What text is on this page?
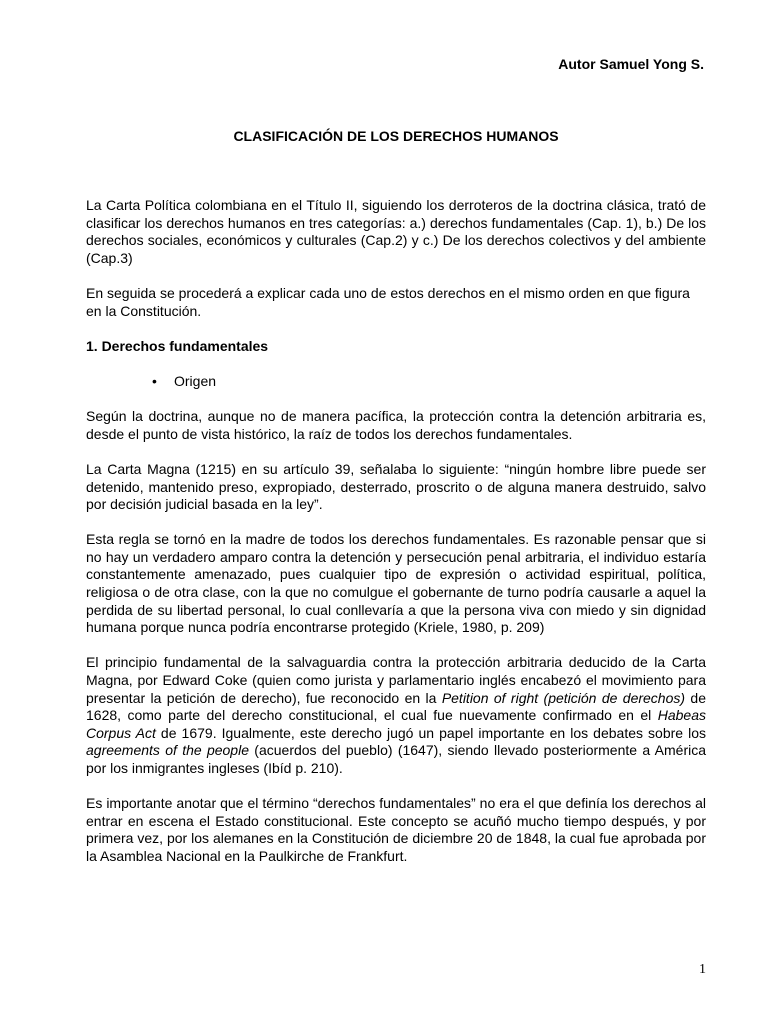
Autor Samuel Yong S.
CLASIFICACIÓN DE LOS DERECHOS HUMANOS

La Carta Política colombiana en el Título II, siguiendo los derroteros de la doctrina clásica, trató de clasificar los derechos humanos en tres categorías: a.) derechos fundamentales (Cap. 1), b.) De los derechos sociales, económicos y culturales (Cap.2) y c.) De los derechos colectivos y del ambiente (Cap.3)

En seguida se procederá a explicar cada uno de estos derechos en el mismo orden en que figura en la Constitución.

1. Derechos fundamentales
• Origen

Según la doctrina, aunque no de manera pacífica, la protección contra la detención arbitraria es, desde el punto de vista histórico, la raíz de todos los derechos fundamentales.

La Carta Magna (1215) en su artículo 39, señalaba lo siguiente: “ningún hombre libre puede ser detenido, mantenido preso, expropiado, desterrado, proscrito o de alguna manera destruido, salvo por decisión judicial basada en la ley”.

Esta regla se tornó en la madre de todos los derechos fundamentales. Es razonable pensar que si no hay un verdadero amparo contra la detención y persecución penal arbitraria, el individuo estaría constantemente amenazado, pues cualquier tipo de expresión o actividad espiritual, política, religiosa o de otra clase, con la que no comulgue el gobernante de turno podría causarle a aquel la perdida de su libertad personal, lo cual conllevaría a que la persona viva con miedo y sin dignidad humana porque nunca podría encontrarse protegido (Kriele, 1980, p. 209)

El principio fundamental de la salvaguardia contra la protección arbitraria deducido de la Carta Magna, por Edward Coke (quien como jurista y parlamentario inglés encabezó el movimiento para presentar la petición de derecho), fue reconocido en la Petition of right (petición de derechos) de 1628, como parte del derecho constitucional, el cual fue nuevamente confirmado en el Habeas Corpus Act de 1679. Igualmente, este derecho jugó un papel importante en los debates sobre los agreements of the people (acuerdos del pueblo) (1647), siendo llevado posteriormente a América por los inmigrantes ingleses (Ibíd p. 210).

Es importante anotar que el término “derechos fundamentales” no era el que definía los derechos al entrar en escena el Estado constitucional. Este concepto se acuñó mucho tiempo después, y por primera vez, por los alemanes en la Constitución de diciembre 20 de 1848, la cual fue aprobada por la Asamblea Nacional en la Paulkirche de Frankfurt.

1
